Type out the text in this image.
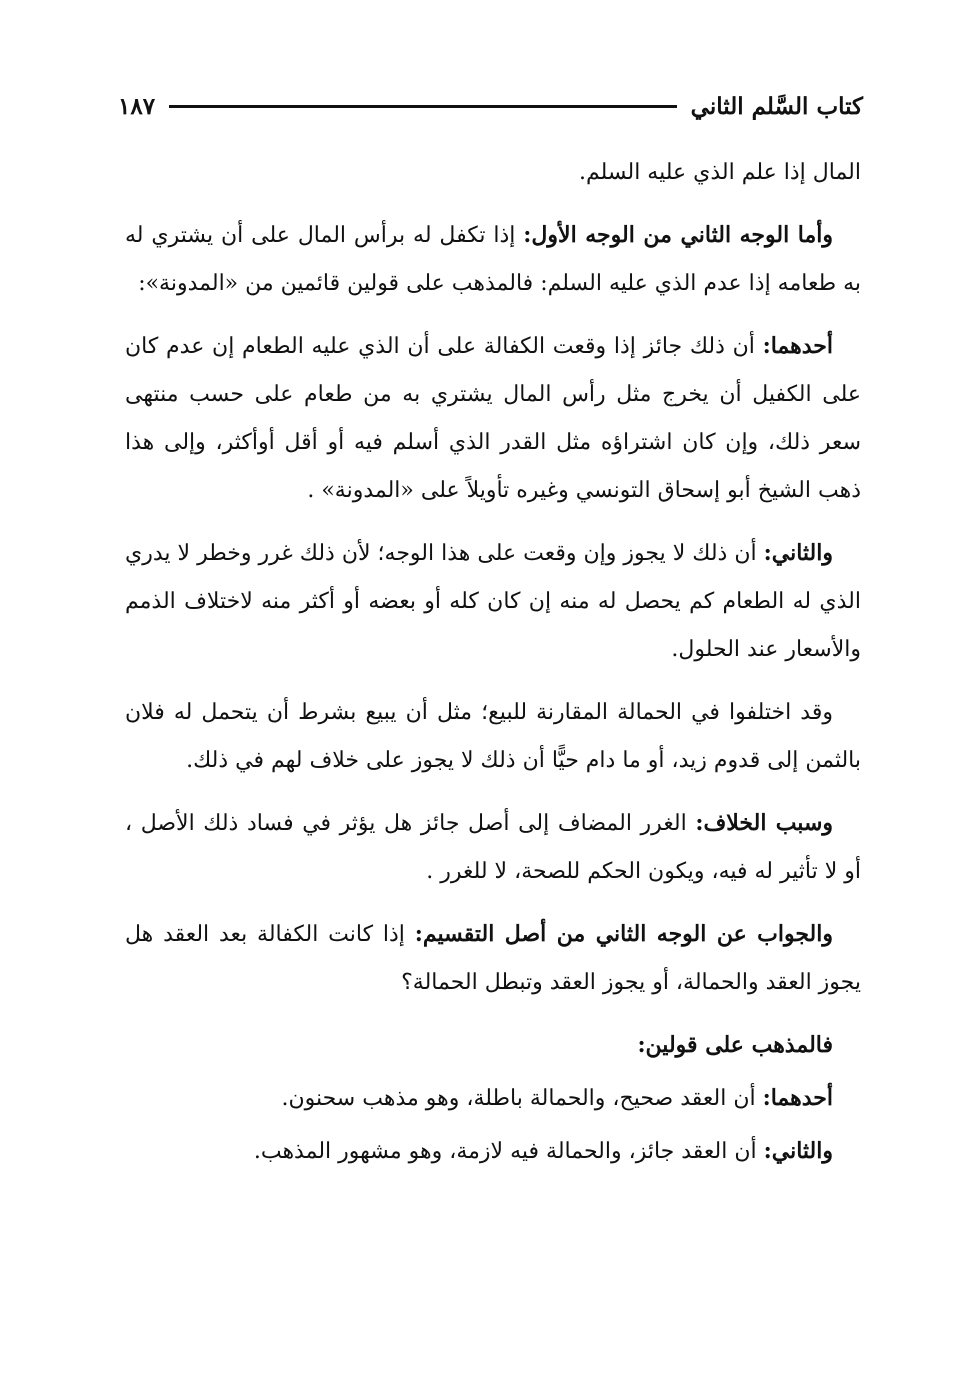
كتاب السَّلم الثاني
١٨٧

المال إذا علم الذي عليه السلم.

وأما الوجه الثاني من الوجه الأول: إذا تكفل له برأس المال على أن يشتري له به طعامه إذا عدم الذي عليه السلم: فالمذهب على قولين قائمين من «المدونة»:

أحدهما: أن ذلك جائز إذا وقعت الكفالة على أن الذي عليه الطعام إن عدم كان على الكفيل أن يخرج مثل رأس المال يشتري به من طعام على حسب منتهى سعر ذلك، وإن كان اشتراؤه مثل القدر الذي أسلم فيه أو أقل أوأكثر، وإلى هذا ذهب الشيخ أبو إسحاق التونسي وغيره تأويلاً على «المدونة» .

والثاني: أن ذلك لا يجوز وإن وقعت على هذا الوجه؛ لأن ذلك غرر وخطر لا يدري الذي له الطعام كم يحصل له منه إن كان كله أو بعضه أو أكثر منه لاختلاف الذمم والأسعار عند الحلول.

وقد اختلفوا في الحمالة المقارنة للبيع؛ مثل أن يبيع بشرط أن يتحمل له فلان بالثمن إلى قدوم زيد، أو ما دام حيًّا أن ذلك لا يجوز على خلاف لهم في ذلك.

وسبب الخلاف: الغرر المضاف إلى أصل جائز هل يؤثر في فساد ذلك الأصل ، أو لا تأثير له فيه، ويكون الحكم للصحة، لا للغرر .

والجواب عن الوجه الثاني من أصل التقسيم: إذا كانت الكفالة بعد العقد هل يجوز العقد والحمالة، أو يجوز العقد وتبطل الحمالة؟

فالمذهب على قولين:

أحدهما: أن العقد صحيح، والحمالة باطلة، وهو مذهب سحنون.

والثاني: أن العقد جائز، والحمالة فيه لازمة، وهو مشهور المذهب.
